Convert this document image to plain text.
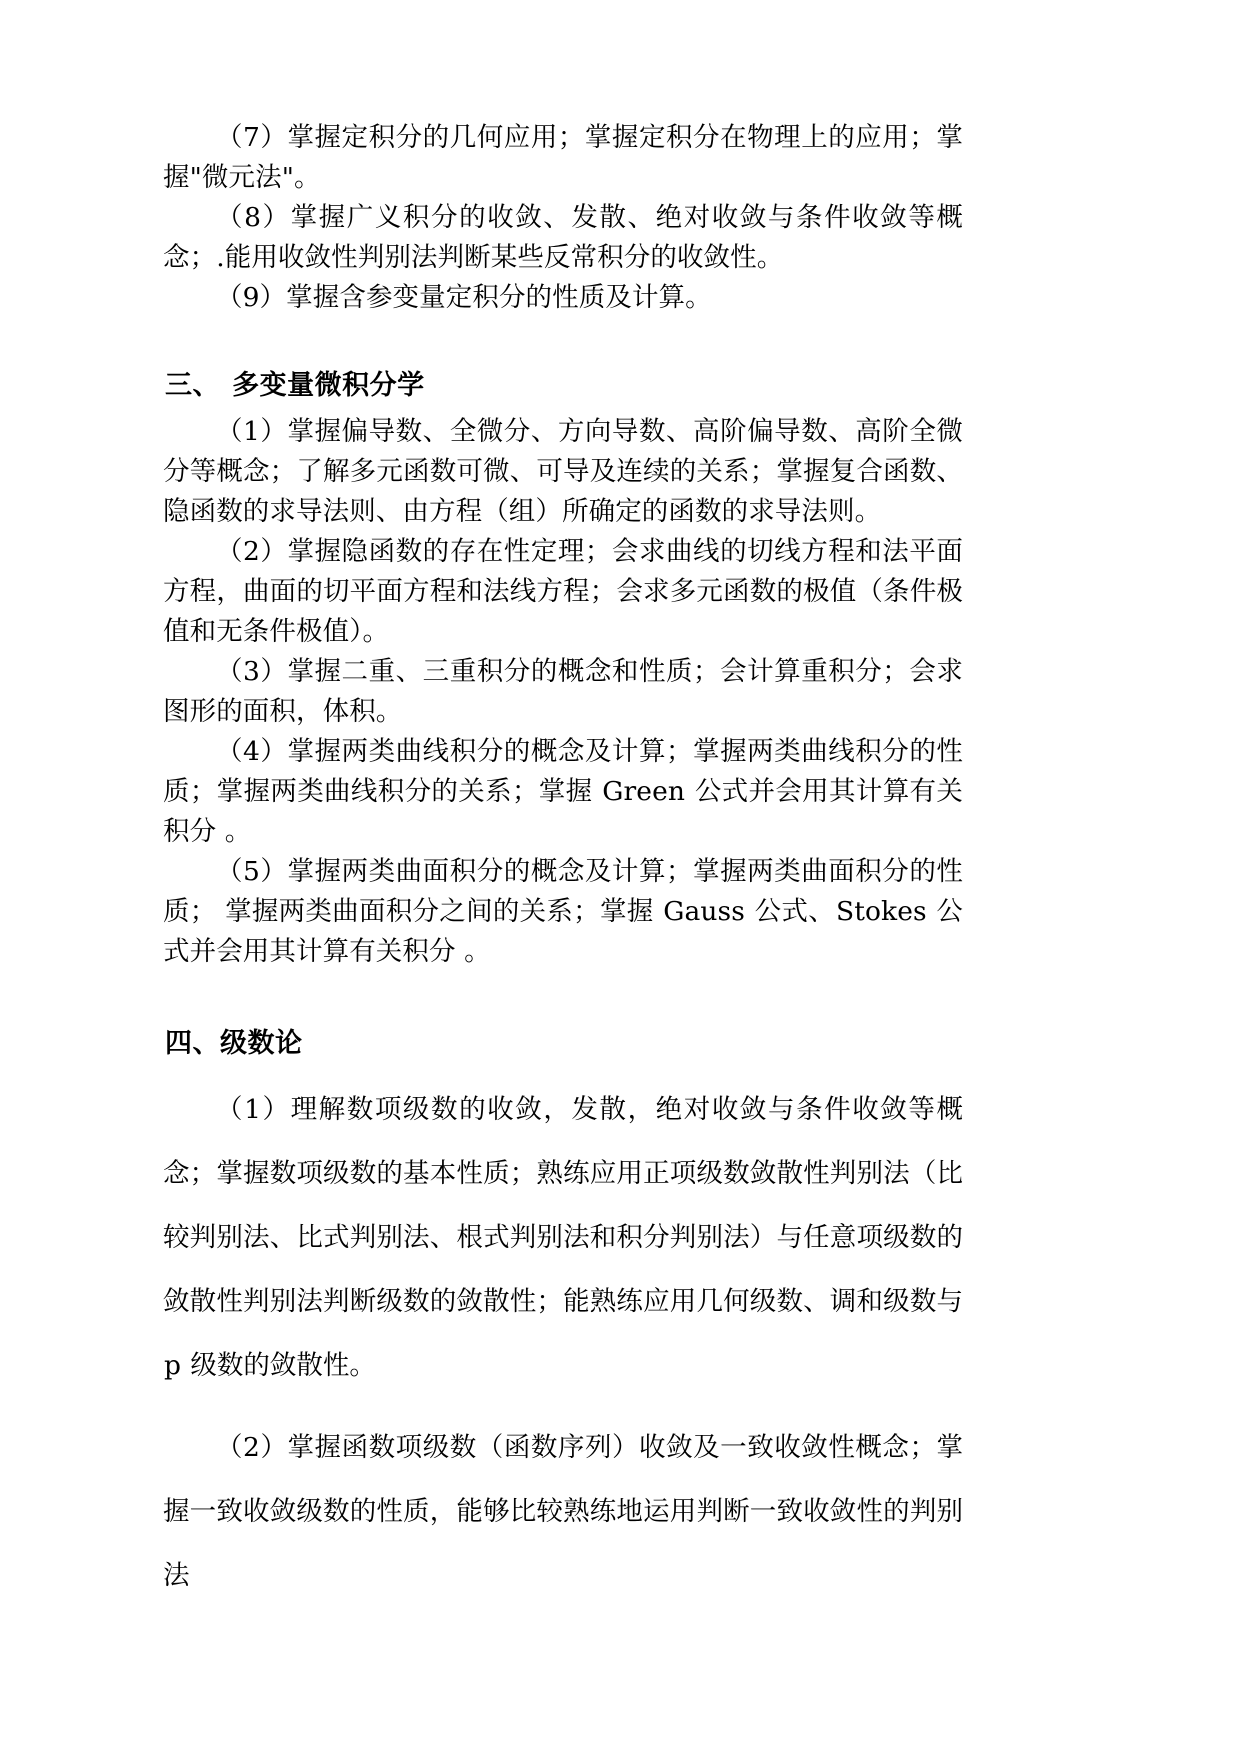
（7）掌握定积分的几何应用；掌握定积分在物理上的应用；掌握"微元法"。

（8）掌握广义积分的收敛、发散、绝对收敛与条件收敛等概念；.能用收敛性判别法判断某些反常积分的收敛性。

（9）掌握含参变量定积分的性质及计算。

三、 多变量微积分学

（1）掌握偏导数、全微分、方向导数、高阶偏导数、高阶全微分等概念；了解多元函数可微、可导及连续的关系；掌握复合函数、隐函数的求导法则、由方程（组）所确定的函数的求导法则。

（2）掌握隐函数的存在性定理；会求曲线的切线方程和法平面方程，曲面的切平面方程和法线方程；会求多元函数的极值（条件极值和无条件极值）。

（3）掌握二重、三重积分的概念和性质；会计算重积分；会求图形的面积，体积。

（4）掌握两类曲线积分的概念及计算；掌握两类曲线积分的性质；掌握两类曲线积分的关系；掌握 Green 公式并会用其计算有关积分 。

（5）掌握两类曲面积分的概念及计算；掌握两类曲面积分的性质； 掌握两类曲面积分之间的关系；掌握 Gauss 公式、Stokes 公式并会用其计算有关积分 。

四、级数论

（1）理解数项级数的收敛，发散，绝对收敛与条件收敛等概念；掌握数项级数的基本性质；熟练应用正项级数敛散性判别法（比较判别法、比式判别法、根式判别法和积分判别法）与任意项级数的敛散性判别法判断级数的敛散性；能熟练应用几何级数、调和级数与 p 级数的敛散性。

（2）掌握函数项级数（函数序列）收敛及一致收敛性概念；掌握一致收敛级数的性质，能够比较熟练地运用判断一致收敛性的判别法
